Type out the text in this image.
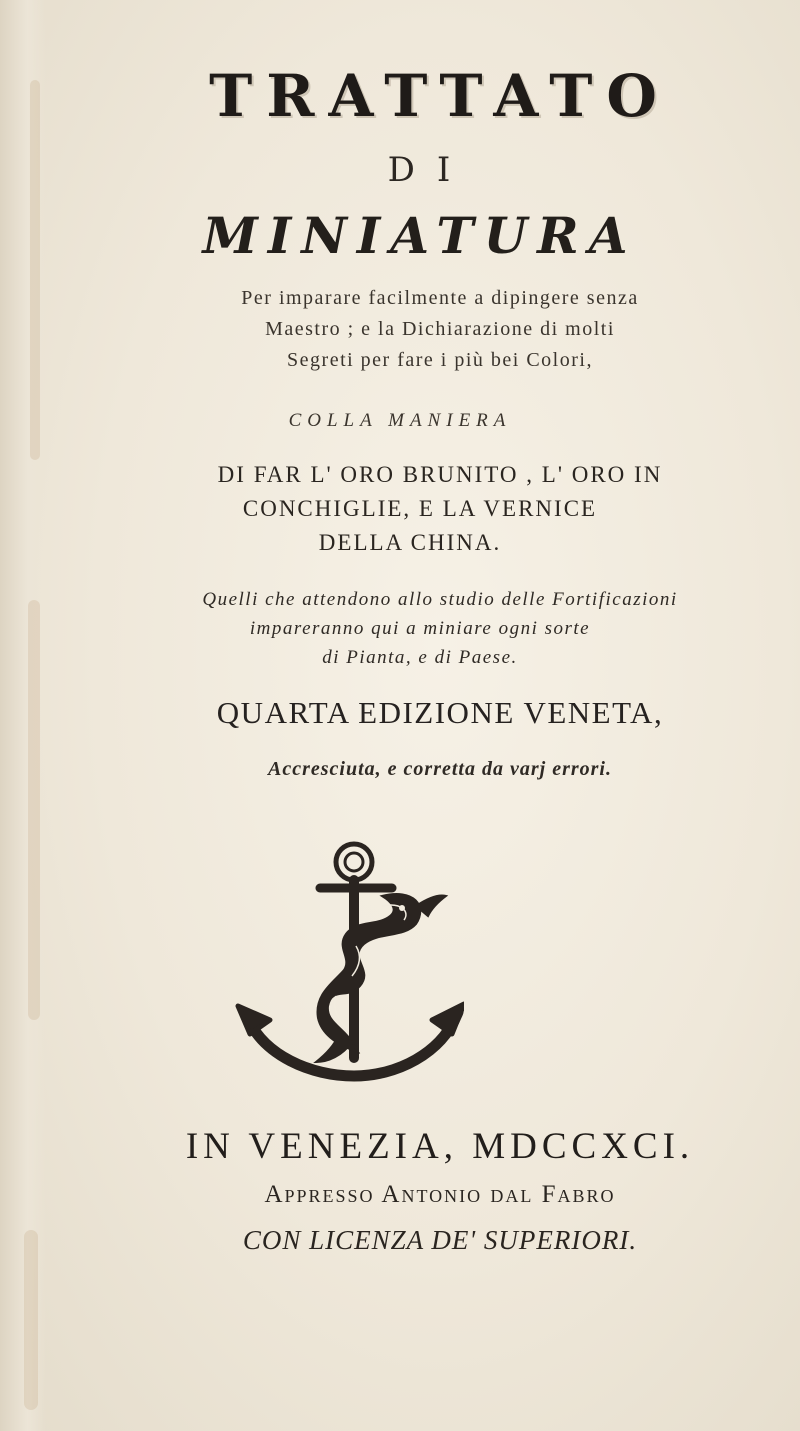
TRATTATO

DI

MINIATURA

Per imparare facilmente a dipingere senza

Maestro ; e la Dichiarazione di molti

Segreti per fare i più bei Colori,

COLLA MANIERA

DI FAR L' ORO BRUNITO , L' ORO IN

CONCHIGLIE, E LA VERNICE

DELLA CHINA.

Quelli che attendono allo studio delle Fortificazioni

impareranno qui a miniare ogni sorte

di Pianta, e di Paese.

QUARTA EDIZIONE VENETA,

Accresciuta, e corretta da varj errori.

IN VENEZIA, MDCCXCI.

Appresso Antonio dal Fabro

CON LICENZA DE' SUPERIORI.
